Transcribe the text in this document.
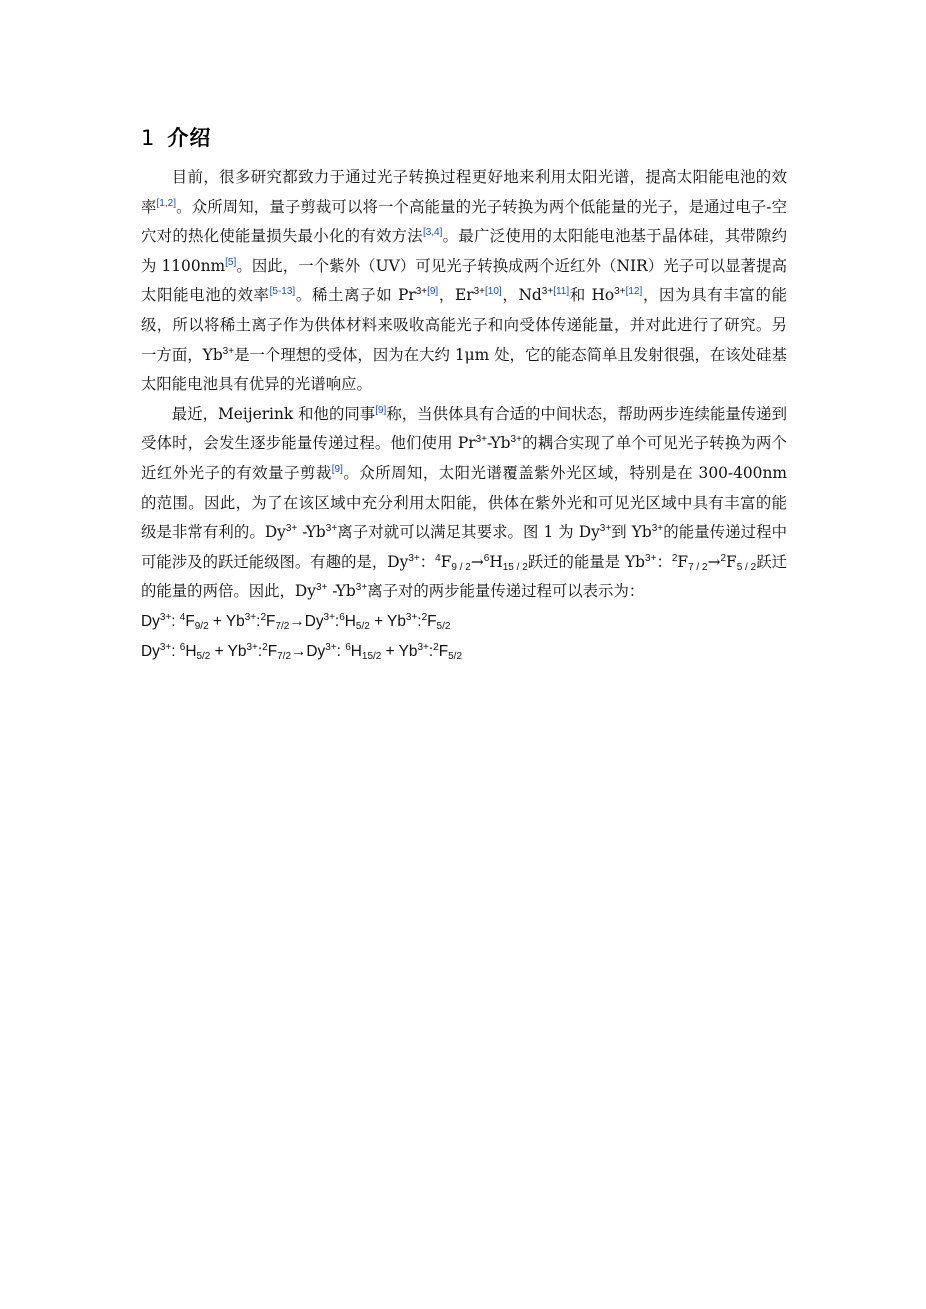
1 介绍

目前，很多研究都致力于通过光子转换过程更好地来利用太阳光谱，提高太阳能电池的效率[1,2]。众所周知，量子剪裁可以将一个高能量的光子转换为两个低能量的光子，是通过电子-空穴对的热化使能量损失最小化的有效方法[3,4]。最广泛使用的太阳能电池基于晶体硅，其带隙约为 1100nm[5]。因此，一个紫外（UV）可见光子转换成两个近红外（NIR）光子可以显著提高太阳能电池的效率[5-13]。稀土离子如 Pr$^{3+[9]}$，Er$^{3+[10]}$，Nd$^{3+[11]}$和 Ho$^{3+[12]}$，因为具有丰富的能级，所以将稀土离子作为供体材料来吸收高能光子和向受体传递能量，并对此进行了研究。另一方面，$Yb^{3+}$是一个理想的受体，因为在大约 1μm 处，它的能态简单且发射很强，在该处硅基太阳能电池具有优异的光谱响应。

最近，Meijerink 和他的同事[9]称，当供体具有合适的中间状态，帮助两步连续能量传递到受体时，会发生逐步能量传递过程。他们使用 $Pr^{3+}-Yb^{3+}$的耦合实现了单个可见光子转换为两个近红外光子的有效量子剪裁[9]。众所周知，太阳光谱覆盖紫外光区域，特别是在 300-400nm 的范围。因此，为了在该区域中充分利用太阳能，供体在紫外光和可见光区域中具有丰富的能级是非常有利的。$Dy^{3+}$ $-Yb^{3+}$离子对就可以满足其要求。图 1 为 $Dy^{3+}$到 $Yb^{3+}$的能量传递过程中可能涉及的跃迁能级图。有趣的是，$Dy^{3+}$：$^4F_{9 / 2}\to^6H_{15 / 2}$跃迁的能量是 $Yb^{3+}$：$^2F_{7 / 2}\to^2F_{5 / 2}$跃迁的能量的两倍。因此，$Dy^{3+}$ $-Yb^{3+}$离子对的两步能量传递过程可以表示为：

$Dy^{3+}$: $^4F_{9/2}$ + $Yb^{3+}:^2F_{7/2}\to Dy^{3+}:^6H_{5/2}$ + $Yb^{3+}:^2F_{5/2}$

$Dy^{3+}$: $^6H_{5/2}$ + $Yb^{3+}:^2F_{7/2}\to Dy^{3+}$: $^6H_{15/2}$ + $Yb^{3+}:^2F_{5/2}$
